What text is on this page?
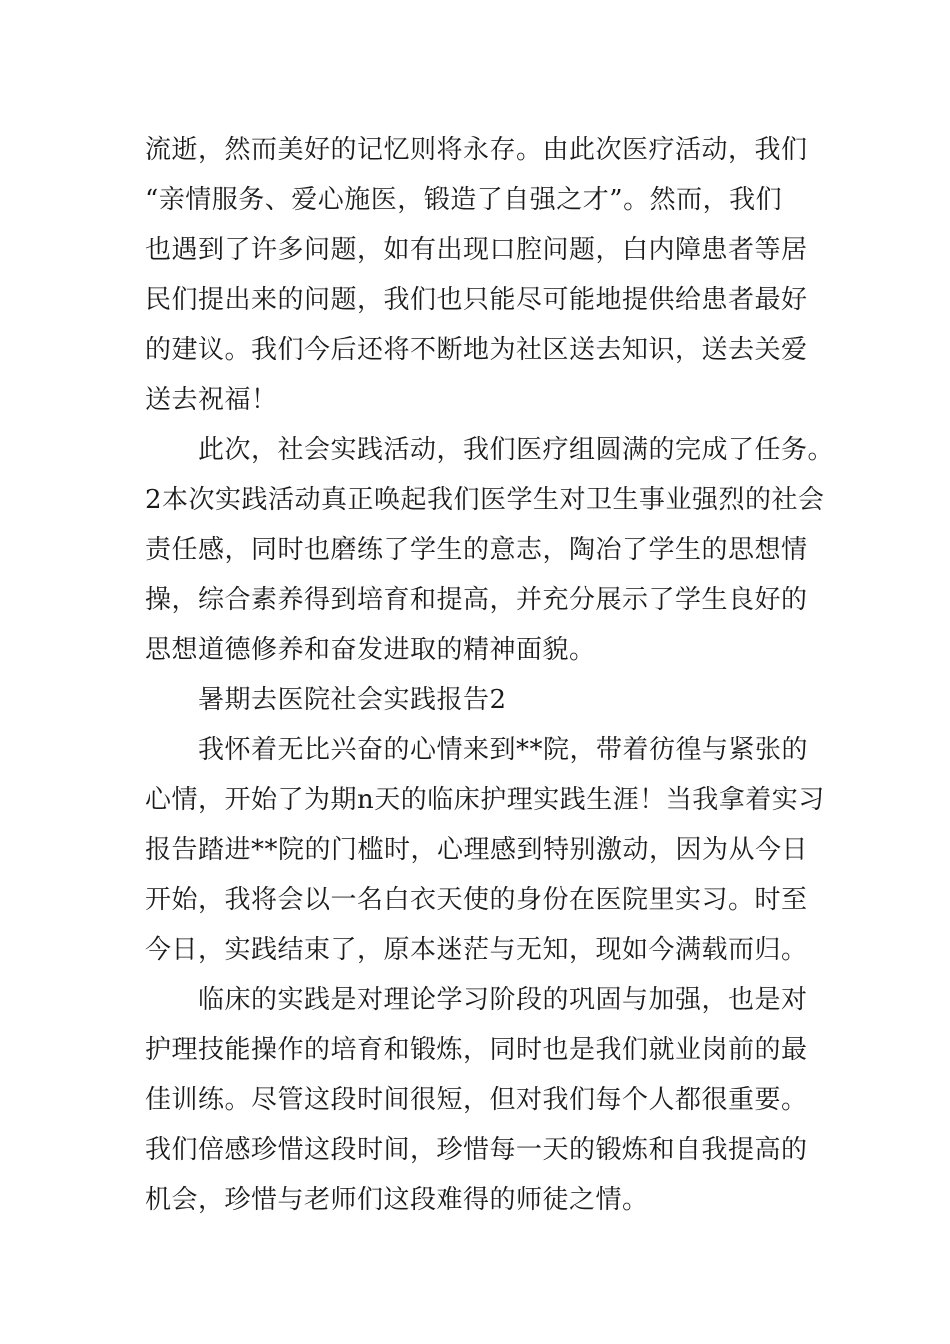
流逝，然而美好的记忆则将永存。由此次医疗活动，我们
“亲情服务、爱心施医，锻造了自强之才”。然而，我们
也遇到了许多问题，如有出现口腔问题，白内障患者等居
民们提出来的问题，我们也只能尽可能地提供给患者最好
的建议。我们今后还将不断地为社区送去知识，送去关爱
送去祝福！
此次，社会实践活动，我们医疗组圆满的完成了任务。
2本次实践活动真正唤起我们医学生对卫生事业强烈的社会
责任感，同时也磨练了学生的意志，陶冶了学生的思想情
操，综合素养得到培育和提高，并充分展示了学生良好的
思想道德修养和奋发进取的精神面貌。
暑期去医院社会实践报告2
我怀着无比兴奋的心情来到**院，带着彷徨与紧张的
心情，开始了为期n天的临床护理实践生涯！当我拿着实习
报告踏进**院的门槛时，心理感到特别激动，因为从今日
开始，我将会以一名白衣天使的身份在医院里实习。时至
今日，实践结束了，原本迷茫与无知，现如今满载而归。
临床的实践是对理论学习阶段的巩固与加强，也是对
护理技能操作的培育和锻炼，同时也是我们就业岗前的最
佳训练。尽管这段时间很短，但对我们每个人都很重要。
我们倍感珍惜这段时间，珍惜每一天的锻炼和自我提高的
机会，珍惜与老师们这段难得的师徒之情。
